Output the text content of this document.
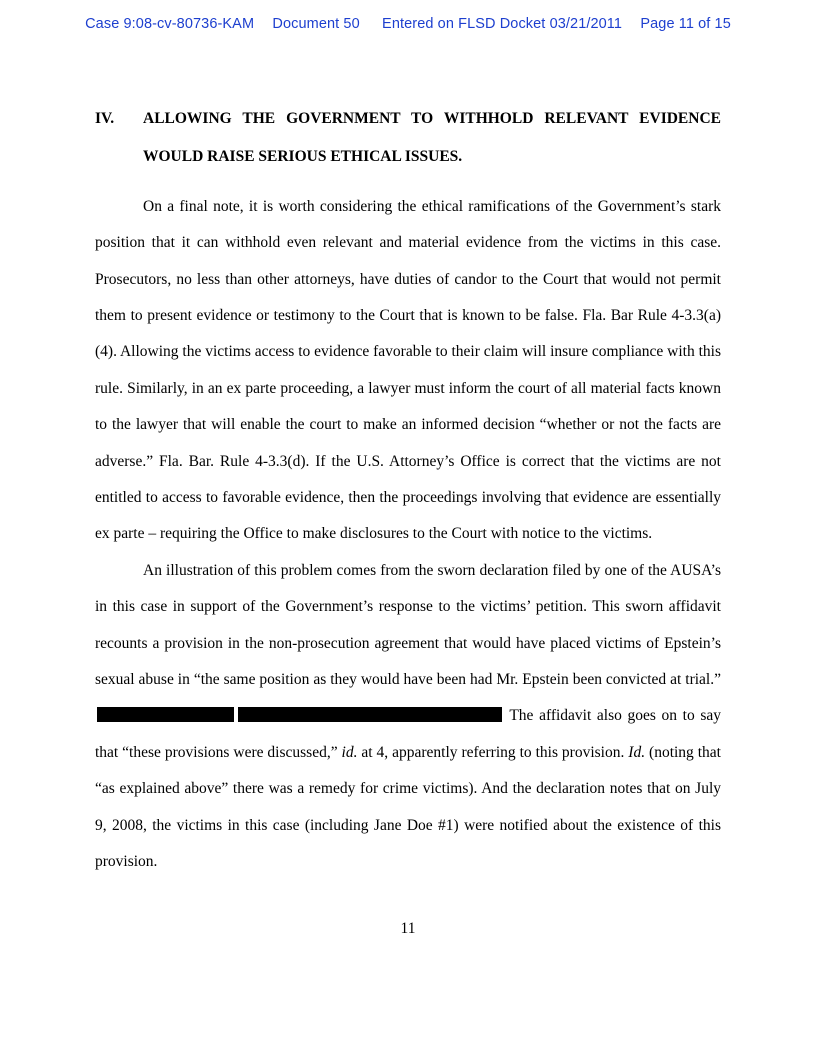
Case 9:08-cv-80736-KAM Document 50 Entered on FLSD Docket 03/21/2011 Page 11 of 15
IV.	ALLOWING THE GOVERNMENT TO WITHHOLD RELEVANT EVIDENCE
WOULD RAISE SERIOUS ETHICAL ISSUES.

On a final note, it is worth considering the ethical ramifications of the Government’s stark position that it can withhold even relevant and material evidence from the victims in this case. Prosecutors, no less than other attorneys, have duties of candor to the Court that would not permit them to present evidence or testimony to the Court that is known to be false. Fla. Bar Rule 4-3.3(a)(4). Allowing the victims access to evidence favorable to their claim will insure compliance with this rule. Similarly, in an ex parte proceeding, a lawyer must inform the court of all material facts known to the lawyer that will enable the court to make an informed decision “whether or not the facts are adverse.” Fla. Bar. Rule 4-3.3(d). If the U.S. Attorney’s Office is correct that the victims are not entitled to access to favorable evidence, then the proceedings involving that evidence are essentially ex parte – requiring the Office to make disclosures to the Court with notice to the victims.

An illustration of this problem comes from the sworn declaration filed by one of the AUSA’s in this case in support of the Government’s response to the victims’ petition. This sworn affidavit recounts a provision in the non-prosecution agreement that would have placed victims of Epstein’s sexual abuse in “the same position as they would have been had Mr. Epstein been convicted at trial.”  The affidavit also goes on to say that “these provisions were discussed,” id. at 4, apparently referring to this provision. Id. (noting that “as explained above” there was a remedy for crime victims). And the declaration notes that on July 9, 2008, the victims in this case (including Jane Doe #1) were notified about the existence of this provision.

11
